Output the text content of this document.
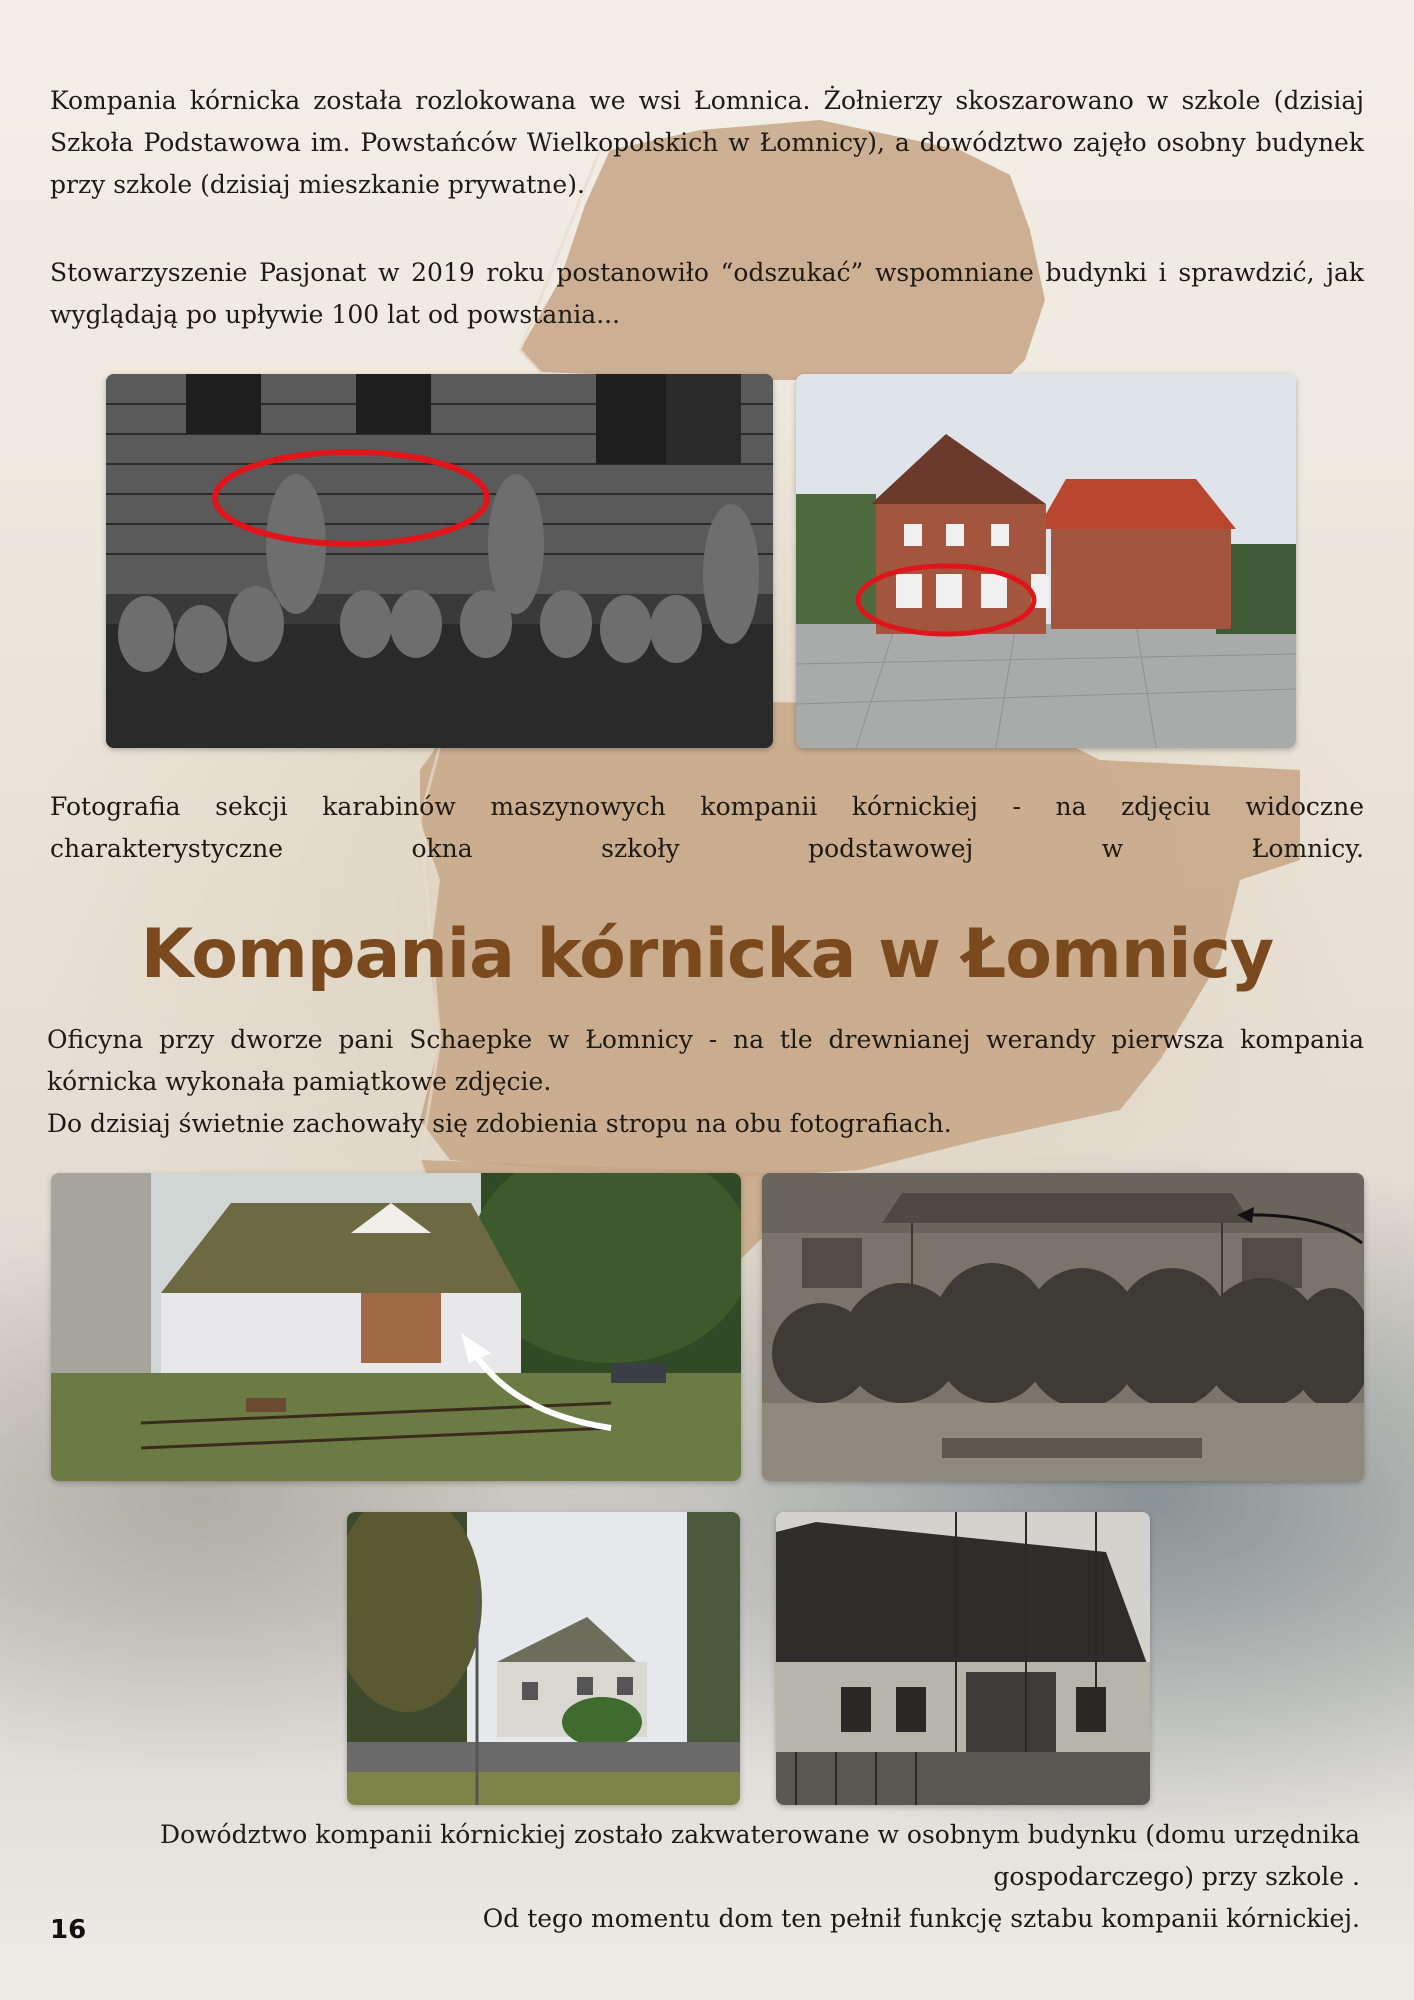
Kompania kórnicka została rozlokowana we wsi Łomnica. Żołnierzy skoszarowano w szkole (dzisiaj Szkoła Podstawowa im. Powstańców Wielkopolskich w Łomnicy), a dowództwo zajęło osobny budynek przy szkole (dzisiaj mieszkanie prywatne).

Stowarzyszenie Pasjonat w 2019 roku postanowiło “odszukać” wspomniane budynki i sprawdzić, jak wyglądają po upływie 100 lat od powstania...

Fotografia sekcji karabinów maszynowych kompanii kórnickiej - na zdjęciu widoczne charakterystyczne okna szkoły podstawowej w Łomnicy.

Kompania kórnicka w Łomnicy

Oficyna przy dworze pani Schaepke w Łomnicy - na tle drewnianej werandy pierwsza kompania kórnicka wykonała pamiątkowe zdjęcie.

Do dzisiaj świetnie zachowały się zdobienia stropu na obu fotografiach.

Dowództwo kompanii kórnickiej zostało zakwaterowane w osobnym budynku (domu urzędnika gospodarczego) przy szkole .

Od tego momentu dom ten pełnił funkcję sztabu kompanii kórnickiej.

16
